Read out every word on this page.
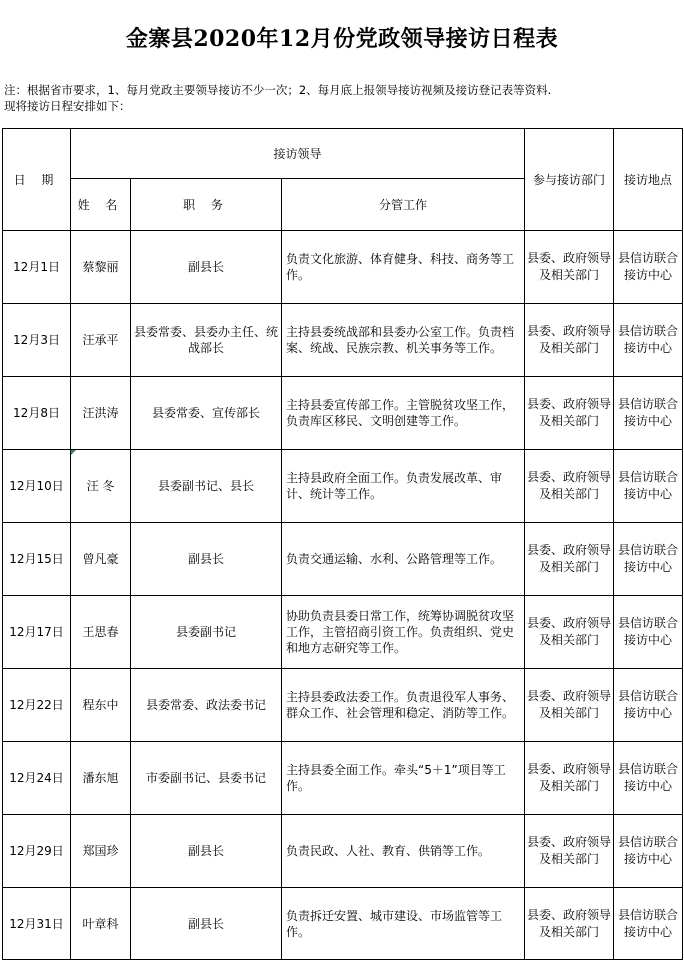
金寨县2020年12月份党政领导接访日程表
注：根据省市要求，1、每月党政主要领导接访不少一次；2、每月底上报领导接访视频及接访登记表等资料.
现将接访日程安排如下：
日 期	接访领导			参与接访部门	接访地点
	姓 名	职 务	分管工作		
12月1日	蔡黎丽	副县长	负责文化旅游、体育健身、科技、商务等工作。	县委、政府领导及相关部门	县信访联合接访中心
12月3日	汪承平	县委常委、县委办主任、统战部长	主持县委统战部和县委办公室工作。负责档案、统战、民族宗教、机关事务等工作。	县委、政府领导及相关部门	县信访联合接访中心
12月8日	汪洪涛	县委常委、宣传部长	主持县委宣传部工作。主管脱贫攻坚工作，负责库区移民、文明创建等工作。	县委、政府领导及相关部门	县信访联合接访中心
12月10日	汪 冬	县委副书记、县长	主持县政府全面工作。负责发展改革、审计、统计等工作。	县委、政府领导及相关部门	县信访联合接访中心
12月15日	曾凡豪	副县长	负责交通运输、水利、公路管理等工作。	县委、政府领导及相关部门	县信访联合接访中心
12月17日	王思春	县委副书记	协助负责县委日常工作，统筹协调脱贫攻坚工作，主管招商引资工作。负责组织、党史和地方志研究等工作。	县委、政府领导及相关部门	县信访联合接访中心
12月22日	程东中	县委常委、政法委书记	主持县委政法委工作。负责退役军人事务、群众工作、社会管理和稳定、消防等工作。	县委、政府领导及相关部门	县信访联合接访中心
12月24日	潘东旭	市委副书记、县委书记	主持县委全面工作。牵头“5＋1”项目等工作。	县委、政府领导及相关部门	县信访联合接访中心
12月29日	郑国珍	副县长	负责民政、人社、教育、供销等工作。	县委、政府领导及相关部门	县信访联合接访中心
12月31日	叶章科	副县长	负责拆迁安置、城市建设、市场监管等工作。	县委、政府领导及相关部门	县信访联合接访中心
